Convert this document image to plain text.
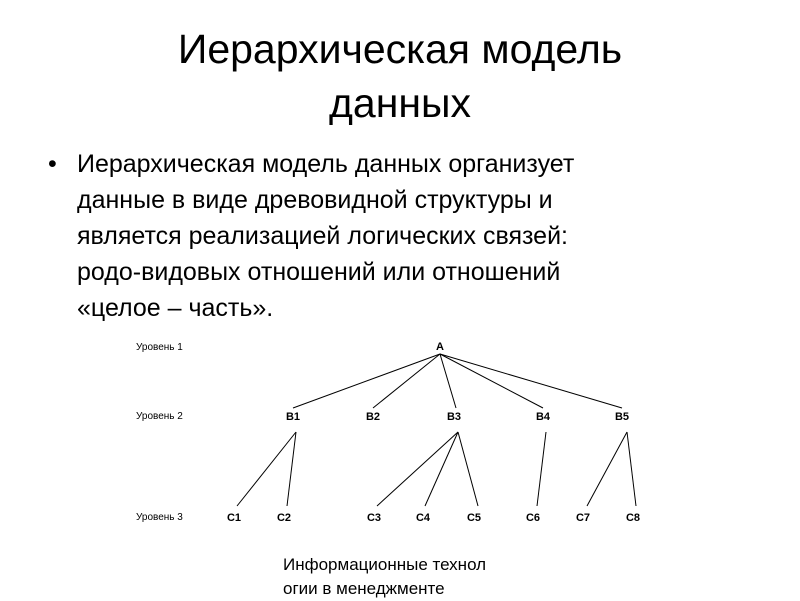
Иерархическая модель
данных
• Иерархическая модель данных организует
данные в виде древовидной структуры и
является реализацией логических связей:
родо-видовых отношений или отношений
«целое – часть».
Уровень 1
Уровень 2
Уровень 3
A
B1	B2	B3	B4	B5
C1	C2	C3	C4	C5	C6	C7	C8
Информационные технол
огии в менеджменте
